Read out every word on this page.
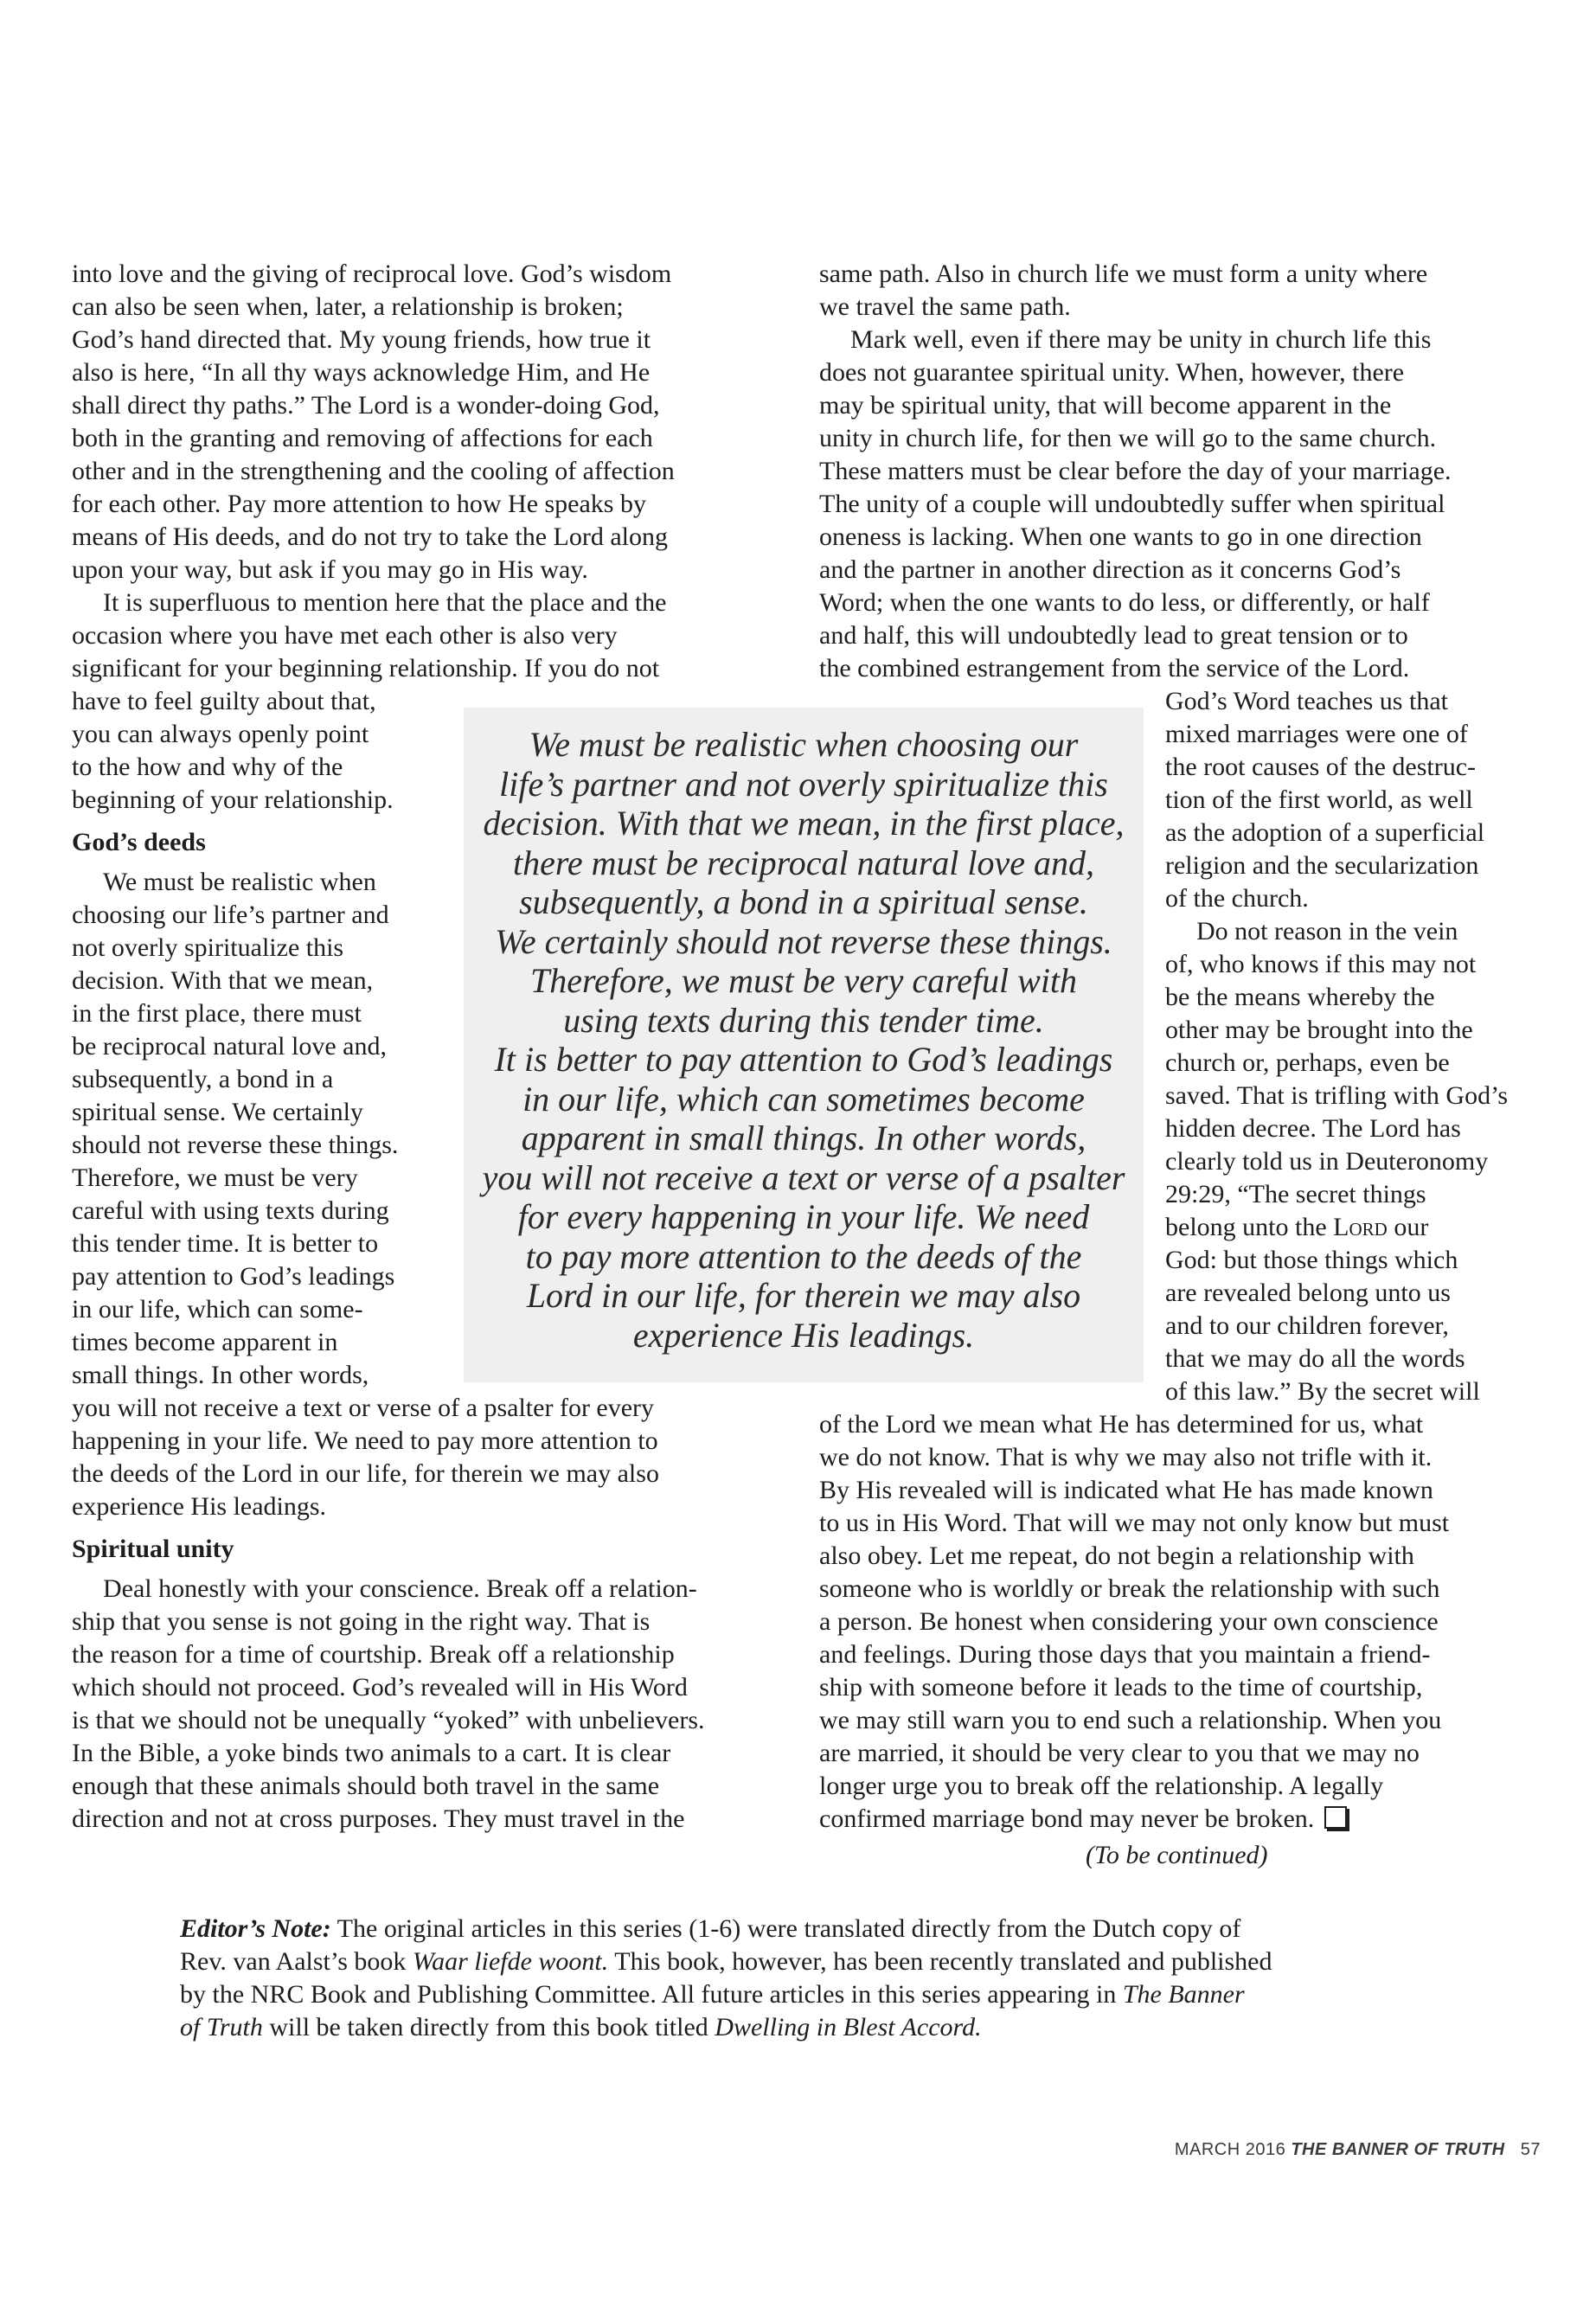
into love and the giving of reciprocal love. God’s wisdom
can also be seen when, later, a relationship is broken;
God’s hand directed that. My young friends, how true it
also is here, “In all thy ways acknowledge Him, and He
shall direct thy paths.” The Lord is a wonder-doing God,
both in the granting and removing of affections for each
other and in the strengthening and the cooling of affection
for each other. Pay more attention to how He speaks by
means of His deeds, and do not try to take the Lord along
upon your way, but ask if you may go in His way.

It is superfluous to mention here that the place and the
occasion where you have met each other is also very
significant for your beginning relationship. If you do not
have to feel guilty about that,
you can always openly point
to the how and why of the
beginning of your relationship.

God’s deeds

We must be realistic when
choosing our life’s partner and
not overly spiritualize this
decision. With that we mean,
in the first place, there must
be reciprocal natural love and,
subsequently, a bond in a
spiritual sense. We certainly
should not reverse these things.
Therefore, we must be very
careful with using texts during
this tender time. It is better to
pay attention to God’s leadings
in our life, which can some-
times become apparent in
small things. In other words,
you will not receive a text or verse of a psalter for every
happening in your life. We need to pay more attention to
the deeds of the Lord in our life, for therein we may also
experience His leadings.

Spiritual unity

Deal honestly with your conscience. Break off a relation-
ship that you sense is not going in the right way. That is
the reason for a time of courtship. Break off a relationship
which should not proceed. God’s revealed will in His Word
is that we should not be unequally “yoked” with unbelievers.
In the Bible, a yoke binds two animals to a cart. It is clear
enough that these animals should both travel in the same
direction and not at cross purposes. They must travel in the

same path. Also in church life we must form a unity where
we travel the same path.

Mark well, even if there may be unity in church life this
does not guarantee spiritual unity. When, however, there
may be spiritual unity, that will become apparent in the
unity in church life, for then we will go to the same church.
These matters must be clear before the day of your marriage.
The unity of a couple will undoubtedly suffer when spiritual
oneness is lacking. When one wants to go in one direction
and the partner in another direction as it concerns God’s
Word; when the one wants to do less, or differently, or half
and half, this will undoubtedly lead to great tension or to
the combined estrangement from the service of the Lord.
God’s Word teaches us that
mixed marriages were one of
the root causes of the destruc-
tion of the first world, as well
as the adoption of a superficial
religion and the secularization
of the church.

Do not reason in the vein
of, who knows if this may not
be the means whereby the
other may be brought into the
church or, perhaps, even be
saved. That is trifling with God’s
hidden decree. The Lord has
clearly told us in Deuteronomy
29:29, “The secret things
belong unto the Lord our
God: but those things which
are revealed belong unto us
and to our children forever,
that we may do all the words
of this law.” By the secret will
of the Lord we mean what He has determined for us, what
we do not know. That is why we may also not trifle with it.
By His revealed will is indicated what He has made known
to us in His Word. That will we may not only know but must
also obey. Let me repeat, do not begin a relationship with
someone who is worldly or break the relationship with such
a person. Be honest when considering your own conscience
and feelings. During those days that you maintain a friend-
ship with someone before it leads to the time of courtship,
we may still warn you to end such a relationship. When you
are married, it should be very clear to you that we may no
longer urge you to break off the relationship. A legally
confirmed marriage bond may never be broken.

(To be continued)
We must be realistic when choosing our
life’s partner and not overly spiritualize this
decision. With that we mean, in the first place,
there must be reciprocal natural love and,
subsequently, a bond in a spiritual sense.
We certainly should not reverse these things.
Therefore, we must be very careful with
using texts during this tender time.
It is better to pay attention to God’s leadings
in our life, which can sometimes become
apparent in small things. In other words,
you will not receive a text or verse of a psalter
for every happening in your life. We need
to pay more attention to the deeds of the
Lord in our life, for therein we may also
experience His leadings.
Editor’s Note: The original articles in this series (1-6) were translated directly from the Dutch copy of
Rev. van Aalst’s book Waar liefde woont. This book, however, has been recently translated and published
by the NRC Book and Publishing Committee. All future articles in this series appearing in The Banner
of Truth will be taken directly from this book titled Dwelling in Blest Accord.
MARCH 2016 THE BANNER OF TRUTH 57
